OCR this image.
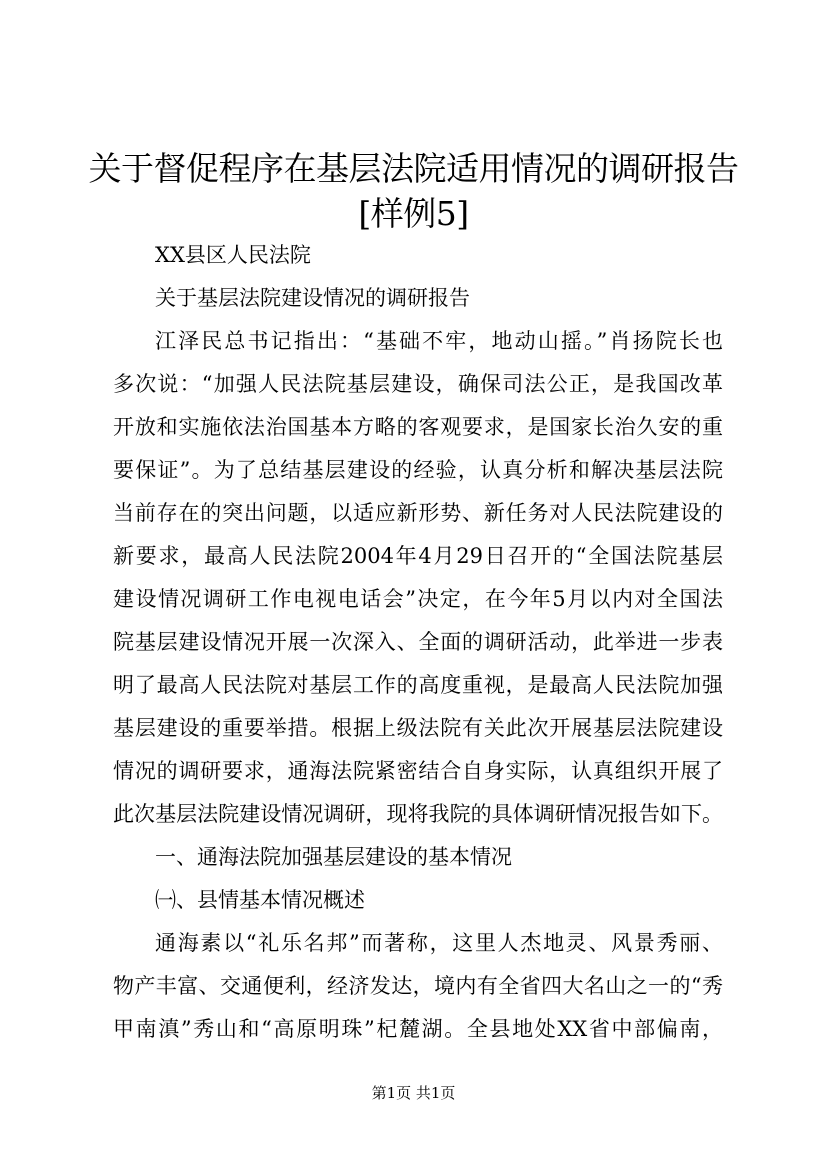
关于督促程序在基层法院适用情况的调研报告
[样例5]
XX县区人民法院
关于基层法院建设情况的调研报告
江泽民总书记指出：“基础不牢，地动山摇。”肖扬院长也
多次说：“加强人民法院基层建设，确保司法公正，是我国改革
开放和实施依法治国基本方略的客观要求，是国家长治久安的重
要保证”。为了总结基层建设的经验，认真分析和解决基层法院
当前存在的突出问题，以适应新形势、新任务对人民法院建设的
新要求，最高人民法院2004年4月29日召开的“全国法院基层
建设情况调研工作电视电话会”决定，在今年5月以内对全国法
院基层建设情况开展一次深入、全面的调研活动，此举进一步表
明了最高人民法院对基层工作的高度重视，是最高人民法院加强
基层建设的重要举措。根据上级法院有关此次开展基层法院建设
情况的调研要求，通海法院紧密结合自身实际，认真组织开展了
此次基层法院建设情况调研，现将我院的具体调研情况报告如下。
一、通海法院加强基层建设的基本情况
㈠、县情基本情况概述
通海素以“礼乐名邦”而著称，这里人杰地灵、风景秀丽、
物产丰富、交通便利，经济发达，境内有全省四大名山之一的“秀
甲南滇”秀山和“高原明珠”杞麓湖。全县地处XX省中部偏南，
第1页 共1页
